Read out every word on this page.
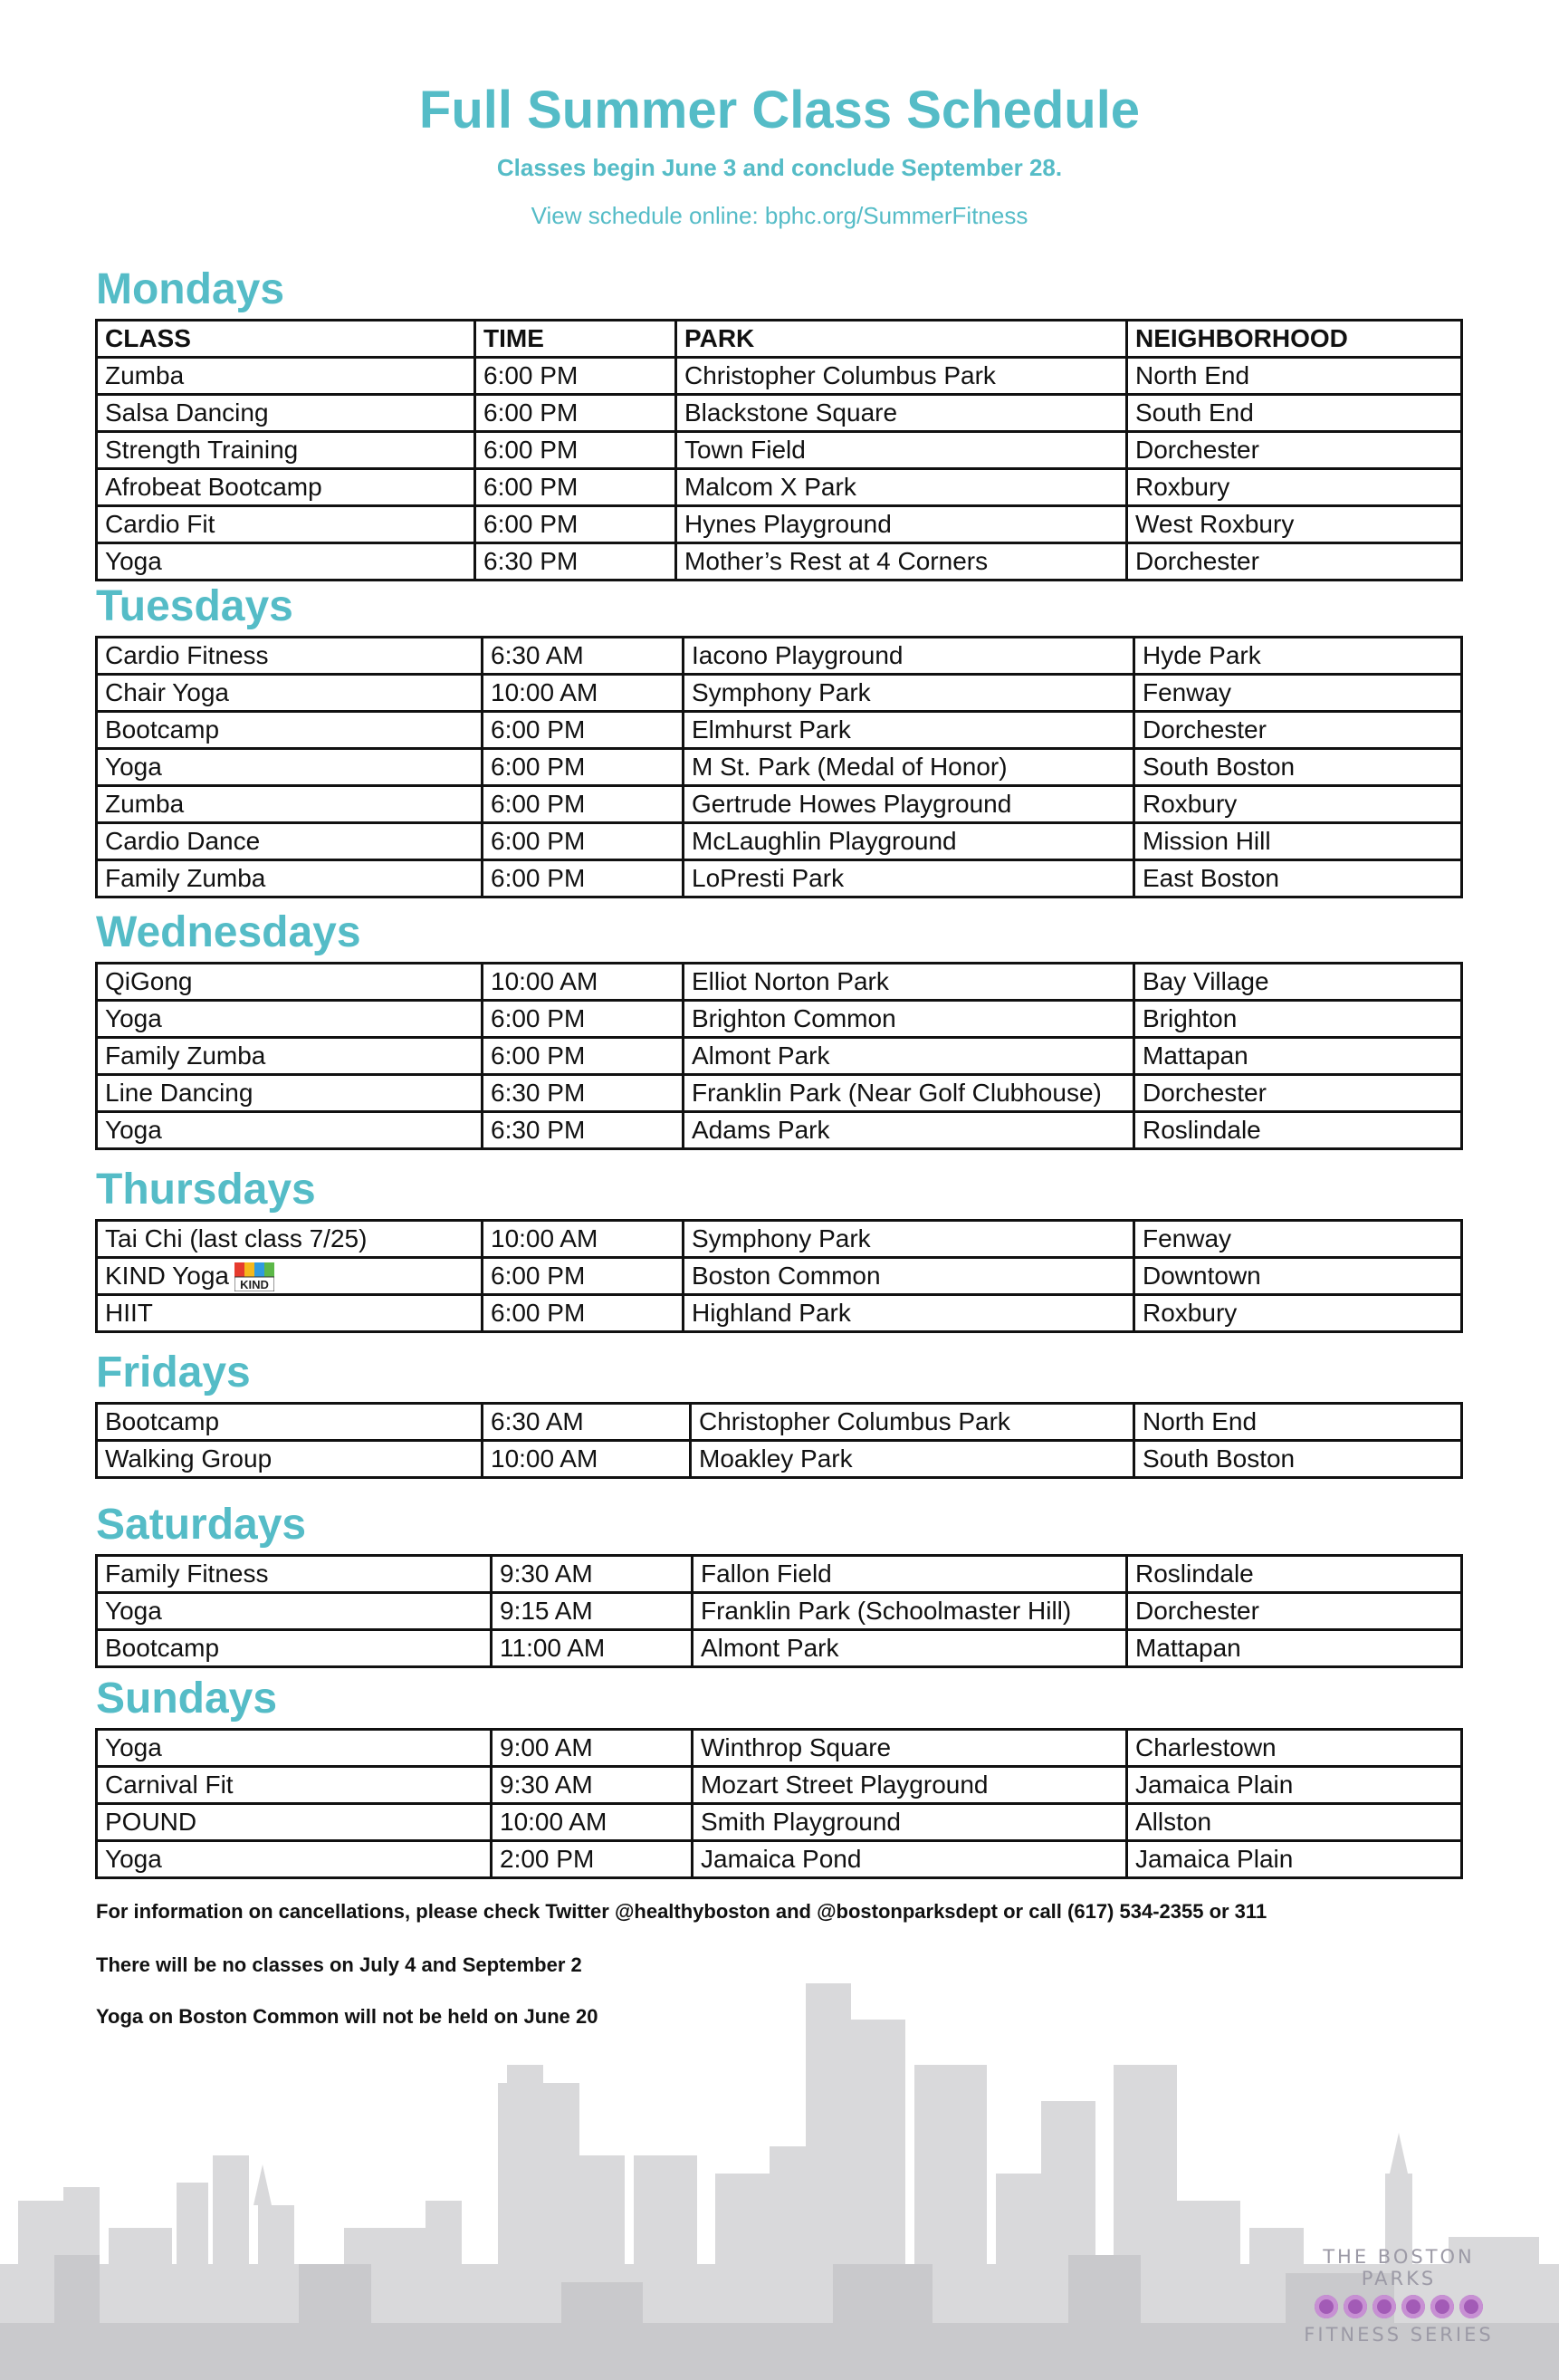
Full Summer Class Schedule
Classes begin June 3 and conclude September 28.
View schedule online: bphc.org/SummerFitness
Mondays
CLASS	TIME	PARK	NEIGHBORHOOD
Zumba	6:00 PM	Christopher Columbus Park	North End
Salsa Dancing	6:00 PM	Blackstone Square	South End
Strength Training	6:00 PM	Town Field	Dorchester
Afrobeat Bootcamp	6:00 PM	Malcom X Park	Roxbury
Cardio Fit	6:00 PM	Hynes Playground	West Roxbury
Yoga	6:30 PM	Mother’s Rest at 4 Corners	Dorchester
Tuesdays
Cardio Fitness	6:30 AM	Iacono Playground	Hyde Park
Chair Yoga	10:00 AM	Symphony Park	Fenway
Bootcamp	6:00 PM	Elmhurst Park	Dorchester
Yoga	6:00 PM	M St. Park (Medal of Honor)	South Boston
Zumba	6:00 PM	Gertrude Howes Playground	Roxbury
Cardio Dance	6:00 PM	McLaughlin Playground	Mission Hill
Family Zumba	6:00 PM	LoPresti Park	East Boston
Wednesdays
QiGong	10:00 AM	Elliot Norton Park	Bay Village
Yoga	6:00 PM	Brighton Common	Brighton
Family Zumba	6:00 PM	Almont Park	Mattapan
Line Dancing	6:30 PM	Franklin Park (Near Golf Clubhouse)	Dorchester
Yoga	6:30 PM	Adams Park	Roslindale
Thursdays
Tai Chi (last class 7/25)	10:00 AM	Symphony Park	Fenway
KIND Yoga KIND	6:00 PM	Boston Common	Downtown
HIIT	6:00 PM	Highland Park	Roxbury
Fridays
Bootcamp	6:30 AM	Christopher Columbus Park	North End
Walking Group	10:00 AM	Moakley Park	South Boston
Saturdays
Family Fitness	9:30 AM	Fallon Field	Roslindale
Yoga	9:15 AM	Franklin Park (Schoolmaster Hill)	Dorchester
Bootcamp	11:00 AM	Almont Park	Mattapan
Sundays
Yoga	9:00 AM	Winthrop Square	Charlestown
Carnival Fit	9:30 AM	Mozart Street Playground	Jamaica Plain
POUND	10:00 AM	Smith Playground	Allston
Yoga	2:00 PM	Jamaica Pond	Jamaica Plain
For information on cancellations, please check Twitter @healthyboston and @bostonparksdept or call (617) 534-2355 or 311
There will be no classes on July 4 and September 2
Yoga on Boston Common will not be held on June 20
THE BOSTON PARKS
FITNESS SERIES
